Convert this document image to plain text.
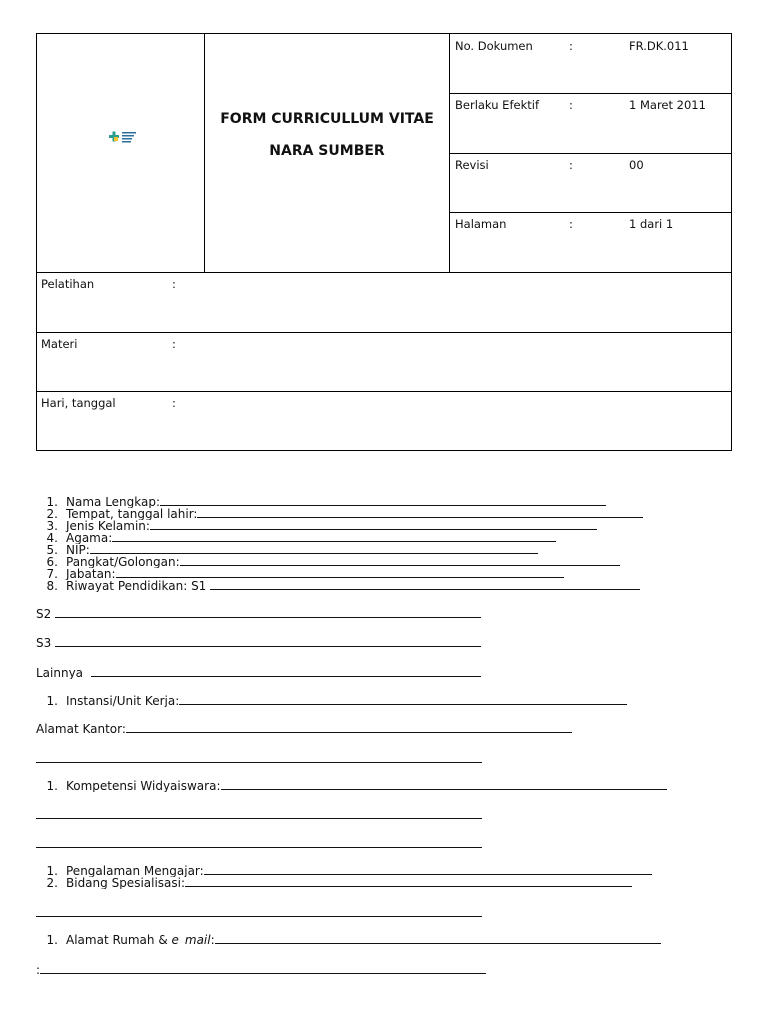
FORM CURRICULLUM VITAE
NARA SUMBER
No. Dokumen	:	FR.DK.011
Berlaku Efektif	:	1 Maret 2011
Revisi	:	00
Halaman	:	1 dari 1
Pelatihan	:
Materi	:
Hari, tanggal	:
1. Nama Lengkap:
2. Tempat, tanggal lahir:
3. Jenis Kelamin:
4. Agama:
5. NIP:
6. Pangkat/Golongan:
7. Jabatan:
8. Riwayat Pendidikan: S1
S2
S3
Lainnya
1. Instansi/Unit Kerja:
Alamat Kantor:
1. Kompetensi Widyaiswara:
1. Pengalaman Mengajar:
2. Bidang Spesialisasi:
1. Alamat Rumah & e_mail:
:
